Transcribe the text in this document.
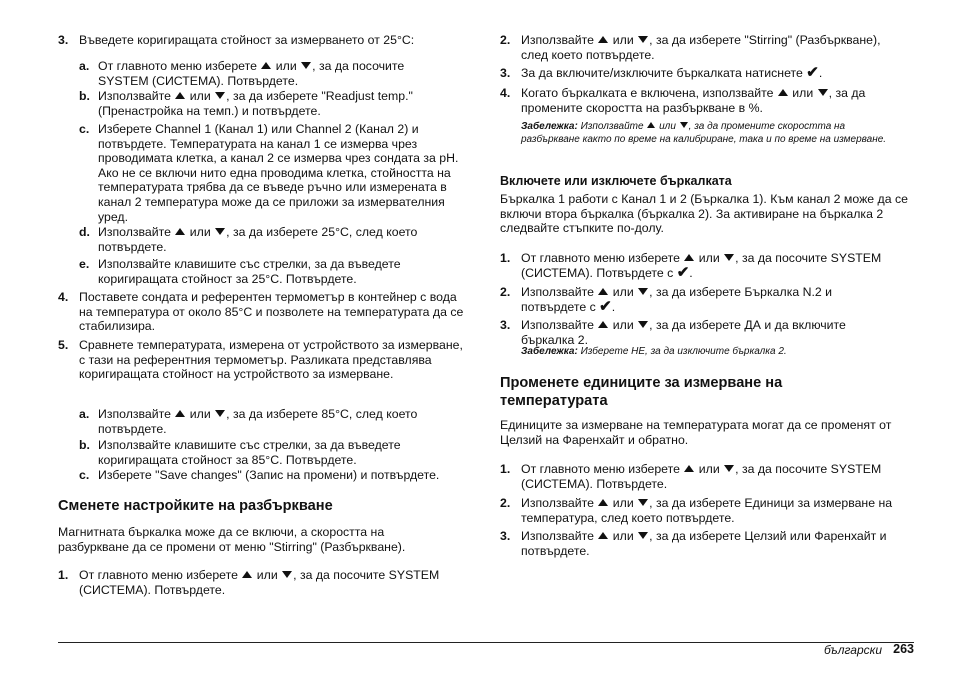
3. Въведете коригиращата стойност за измерването от 25°C:
a. От главното меню изберете или , за да посочите
SYSTEM (СИСТЕМА). Потвърдете.
b. Използвайте или , за да изберете "Readjust temp."
(Пренастройка на темп.) и потвърдете.
c. Изберете Channel 1 (Канал 1) или Channel 2 (Канал 2) и потвърдете. Температурата на канал 1 се измерва чрез проводимата клетка, а канал 2 се измерва чрез сондата за pH. Ако не се включи нито една проводима клетка, стойността на температурата трябва да се въведе ръчно или измерената в канал 2 температура може да се приложи за измервателния уред.
d. Използвайте или , за да изберете 25°C, след което
потвърдете.
e. Използвайте клавишите със стрелки, за да въведете коригиращата стойност за 25°C. Потвърдете.
4. Поставете сондата и референтен термометър в контейнер с вода на температура от около 85°C и позволете на температурата да се стабилизира.
5. Сравнете температурата, измерена от устройството за измерване, с тази на референтния термометър. Разликата представлява коригиращата стойност на устройството за измерване.
a. Използвайте или , за да изберете 85°C, след което
потвърдете.
b. Използвайте клавишите със стрелки, за да въведете коригиращата стойност за 85°C. Потвърдете.
c. Изберете "Save changes" (Запис на промени) и потвърдете.
Сменете настройките на разбъркване
Магнитната бъркалка може да се включи, а скоростта на разбуркване да се промени от меню "Stirring" (Разбъркване).
1. От главното меню изберете или , за да посочите SYSTEM
(СИСТЕМА). Потвърдете.
2. Използвайте или , за да изберете "Stirring" (Разбъркване),
след което потвърдете.
3. За да включите/изключите бъркалката натиснете ✔.
4. Когато бъркалката е включена, използвайте или , за да
промените скоростта на разбъркване в %.
Забележка: Използвайте или , за да промените скоростта на разбъркване както по време на калибриране, така и по време на измерване.
Включете или изключете бъркалката
Бъркалка 1 работи с Канал 1 и 2 (Бъркалка 1). Към канал 2 може да се включи втора бъркалка (бъркалка 2). За активиране на бъркалка 2 следвайте стъпките по-долу.
1. От главното меню изберете или , за да посочите SYSTEM
(СИСТЕМА). Потвърдете с ✔.
2. Използвайте или , за да изберете Бъркалка N.2 и
потвърдете с ✔.
3. Използвайте или , за да изберете ДА и да включите
бъркалка 2.
Забележка: Изберете НЕ, за да изключите бъркалка 2.
Променете единиците за измерване на температурата
Единиците за измерване на температурата могат да се променят от Целзий на Фаренхайт и обратно.
1. От главното меню изберете или , за да посочите SYSTEM
(СИСТЕМА). Потвърдете.
2. Използвайте или , за да изберете Единици за измерване на
температура, след което потвърдете.
3. Използвайте или , за да изберете Целзий или Фаренхайт и
потвърдете.
български 263
